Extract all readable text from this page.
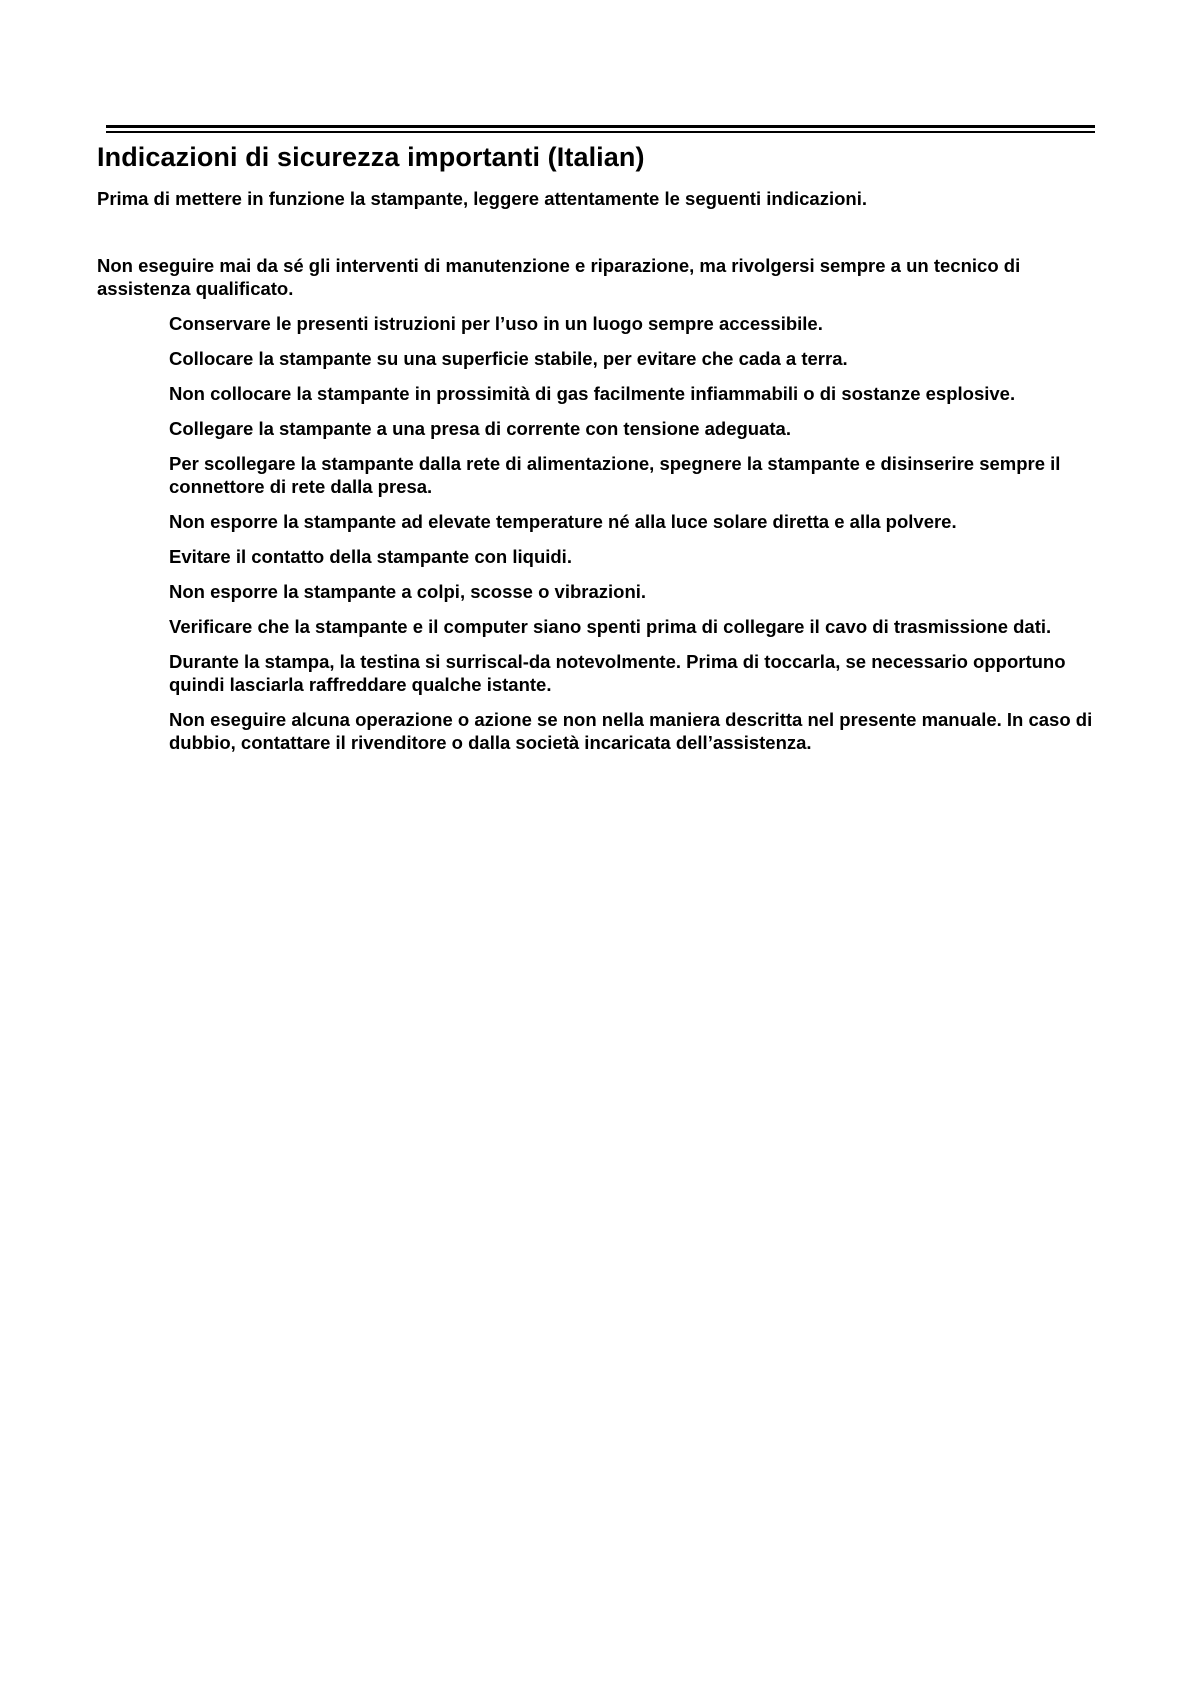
Indicazioni di sicurezza importanti (Italian)

Prima di mettere in funzione la stampante, leggere attentamente le seguenti indicazioni.

Non eseguire mai da sé gli interventi di manutenzione e riparazione, ma rivolgersi sempre a un tecnico di assistenza qualificato.

Conservare le presenti istruzioni per l’uso in un luogo sempre accessibile.
Collocare la stampante su una superficie stabile, per evitare che cada a terra.
Non collocare la stampante in prossimità di gas facilmente infiammabili o di sostanze esplosive.
Collegare la stampante a una presa di corrente con tensione adeguata.
Per scollegare la stampante dalla rete di alimentazione, spegnere la stampante e disinserire sempre il connettore di rete dalla presa.
Non esporre la stampante ad elevate temperature né alla luce solare diretta e alla polvere.
Evitare il contatto della stampante con liquidi.
Non esporre la stampante a colpi, scosse o vibrazioni.
Verificare che la stampante e il computer siano spenti prima di collegare il cavo di trasmissione dati.
Durante la stampa, la testina si surriscal-da notevolmente. Prima di toccarla, se necessario opportuno quindi lasciarla raffreddare qualche istante.
Non eseguire alcuna operazione o azione se non nella maniera descritta nel presente manuale. In caso di dubbio, contattare il rivenditore o dalla società incaricata dell’assistenza.
